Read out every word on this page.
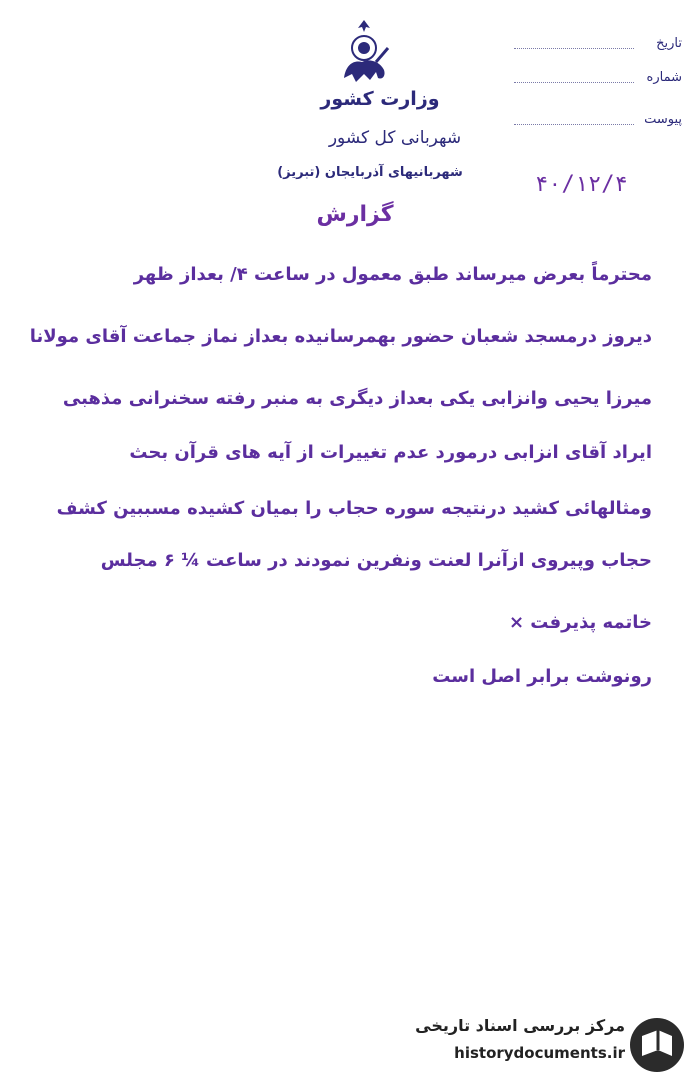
وزارت کشور
شهربانی کل کشور
شهربانیهای آذربایجان (تبریز)
تاریخ
شماره
پیوست
۴۰/۱۲/۴
گزارش
محترماً بعرض میرساند طبق معمول در ساعت ۴/ بعداز ظهر
دیروز درمسجد شعبان حضور بهمرسانیده بعداز نماز جماعت آقای مولانا
میرزا یحیی وانزابی یکی بعداز دیگری به منبر رفته سخنرانی مذهبی
ایراد آقای انزابی درمورد عدم تغییرات از آیه های قرآن بحث
ومثالهائی کشید درنتیجه سوره حجاب را بمیان کشیده مسببین کشف
حجاب وپیروی ازآنرا لعنت ونفرین نمودند در ساعت ¼ ۶ مجلس
خاتمه پذیرفت ×
رونوشت برابر اصل است
مرکز بررسی اسناد تاریخی
historydocuments.ir
